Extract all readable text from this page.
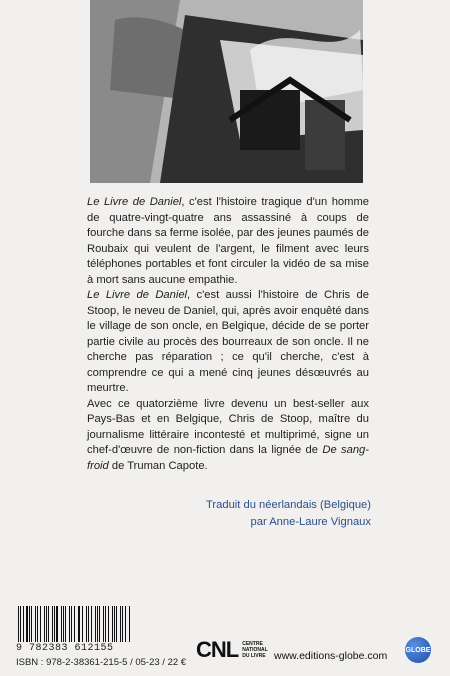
Le Livre de Daniel, c'est l'histoire tragique d'un homme de quatre-vingt-quatre ans assassiné à coups de fourche dans sa ferme isolée, par des jeunes paumés de Roubaix qui veulent de l'argent, le filment avec leurs téléphones portables et font circuler la vidéo de sa mise à mort sans aucune empathie.

Le Livre de Daniel, c'est aussi l'histoire de Chris de Stoop, le neveu de Daniel, qui, après avoir enquêté dans le village de son oncle, en Belgique, décide de se porter partie civile au procès des bourreaux de son oncle. Il ne cherche pas réparation ; ce qu'il cherche, c'est à comprendre ce qui a mené cinq jeunes désœuvrés au meurtre.

Avec ce quatorzième livre devenu un best-seller aux Pays-Bas et en Belgique, Chris de Stoop, maître du journalisme littéraire incontesté et multiprimé, signe un chef-d'œuvre de non-fiction dans la lignée de De sang-froid de Truman Capote.

Traduit du néerlandais (Belgique)
par Anne-Laure Vignaux
9 782383 612155
ISBN : 978-2-38361-215-5 / 05-23 / 22 €
CNL CENTRE
NATIONAL
DU LIVRE www.editions-globe.com	GLOBE
